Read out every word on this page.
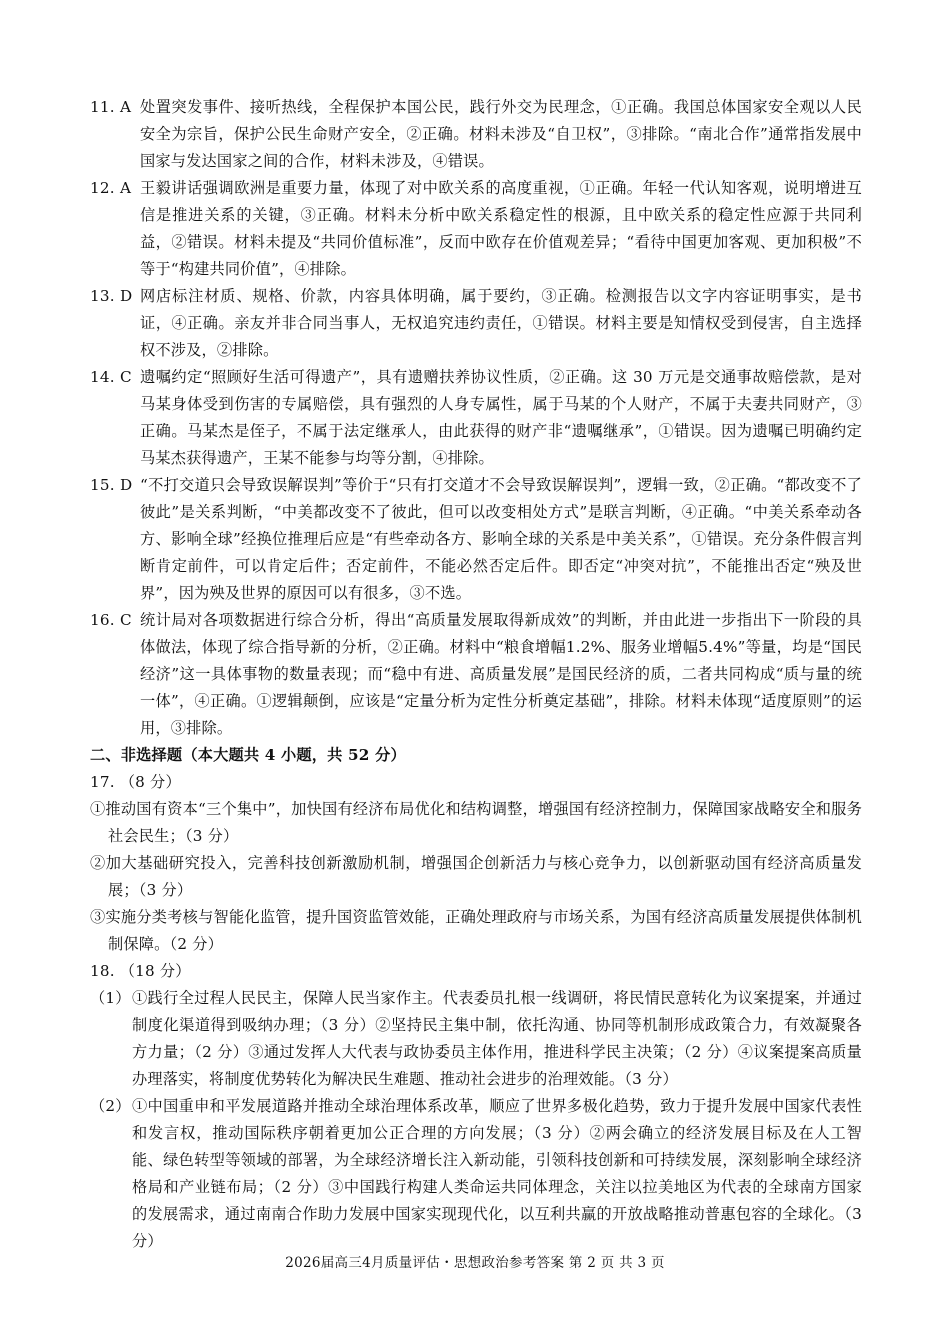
11. A 处置突发事件、接听热线，全程保护本国公民，践行外交为民理念，①正确。我国总体国家安全观以人民安全为宗旨，保护公民生命财产安全，②正确。材料未涉及“自卫权”，③排除。“南北合作”通常指发展中国家与发达国家之间的合作，材料未涉及，④错误。
12. A 王毅讲话强调欧洲是重要力量，体现了对中欧关系的高度重视，①正确。年轻一代认知客观，说明增进互信是推进关系的关键，③正确。材料未分析中欧关系稳定性的根源，且中欧关系的稳定性应源于共同利益，②错误。材料未提及“共同价值标准”，反而中欧存在价值观差异；“看待中国更加客观、更加积极”不等于“构建共同价值”，④排除。
13. D 网店标注材质、规格、价款，内容具体明确，属于要约，③正确。检测报告以文字内容证明事实，是书证，④正确。亲友并非合同当事人，无权追究违约责任，①错误。材料主要是知情权受到侵害，自主选择权不涉及，②排除。
14. C 遗嘱约定“照顾好生活可得遗产”，具有遗赠扶养协议性质，②正确。这 30 万元是交通事故赔偿款，是对马某身体受到伤害的专属赔偿，具有强烈的人身专属性，属于马某的个人财产，不属于夫妻共同财产，③正确。马某杰是侄子，不属于法定继承人，由此获得的财产非“遗嘱继承”，①错误。因为遗嘱已明确约定马某杰获得遗产，王某不能参与均等分割，④排除。
15. D “不打交道只会导致误解误判”等价于“只有打交道才不会导致误解误判”，逻辑一致，②正确。“都改变不了彼此”是关系判断，“中美都改变不了彼此，但可以改变相处方式”是联言判断，④正确。“中美关系牵动各方、影响全球”经换位推理后应是“有些牵动各方、影响全球的关系是中美关系”，①错误。充分条件假言判断肯定前件，可以肯定后件；否定前件，不能必然否定后件。即否定“冲突对抗”，不能推出否定“殃及世界”，因为殃及世界的原因可以有很多，③不选。
16. C 统计局对各项数据进行综合分析，得出“高质量发展取得新成效”的判断，并由此进一步指出下一阶段的具体做法，体现了综合指导新的分析，②正确。材料中“粮食增幅1.2%、服务业增幅5.4%”等量，均是“国民经济”这一具体事物的数量表现；而“稳中有进、高质量发展”是国民经济的质，二者共同构成“质与量的统一体”，④正确。①逻辑颠倒，应该是“定量分析为定性分析奠定基础”，排除。材料未体现“适度原则”的运用，③排除。
二、非选择题（本大题共 4 小题，共 52 分）
17. （8 分）
①推动国有资本“三个集中”，加快国有经济布局优化和结构调整，增强国有经济控制力，保障国家战略安全和服务社会民生；（3 分）
②加大基础研究投入，完善科技创新激励机制，增强国企创新活力与核心竞争力，以创新驱动国有经济高质量发展；（3 分）
③实施分类考核与智能化监管，提升国资监管效能，正确处理政府与市场关系，为国有经济高质量发展提供体制机制保障。（2 分）
18. （18 分）
（1） ①践行全过程人民民主，保障人民当家作主。代表委员扎根一线调研，将民情民意转化为议案提案，并通过制度化渠道得到吸纳办理；（3 分）②坚持民主集中制，依托沟通、协同等机制形成政策合力，有效凝聚各方力量；（2 分）③通过发挥人大代表与政协委员主体作用，推进科学民主决策；（2 分）④议案提案高质量办理落实，将制度优势转化为解决民生难题、推动社会进步的治理效能。（3 分）
（2） ①中国重申和平发展道路并推动全球治理体系改革，顺应了世界多极化趋势，致力于提升发展中国家代表性和发言权，推动国际秩序朝着更加公正合理的方向发展；（3 分）②两会确立的经济发展目标及在人工智能、绿色转型等领域的部署，为全球经济增长注入新动能，引领科技创新和可持续发展，深刻影响全球经济格局和产业链布局；（2 分）③中国践行构建人类命运共同体理念，关注以拉美地区为代表的全球南方国家的发展需求，通过南南合作助力发展中国家实现现代化，以互利共赢的开放战略推动普惠包容的全球化。（3 分）
2026届高三4月质量评估・思想政治参考答案 第 2 页 共 3 页
